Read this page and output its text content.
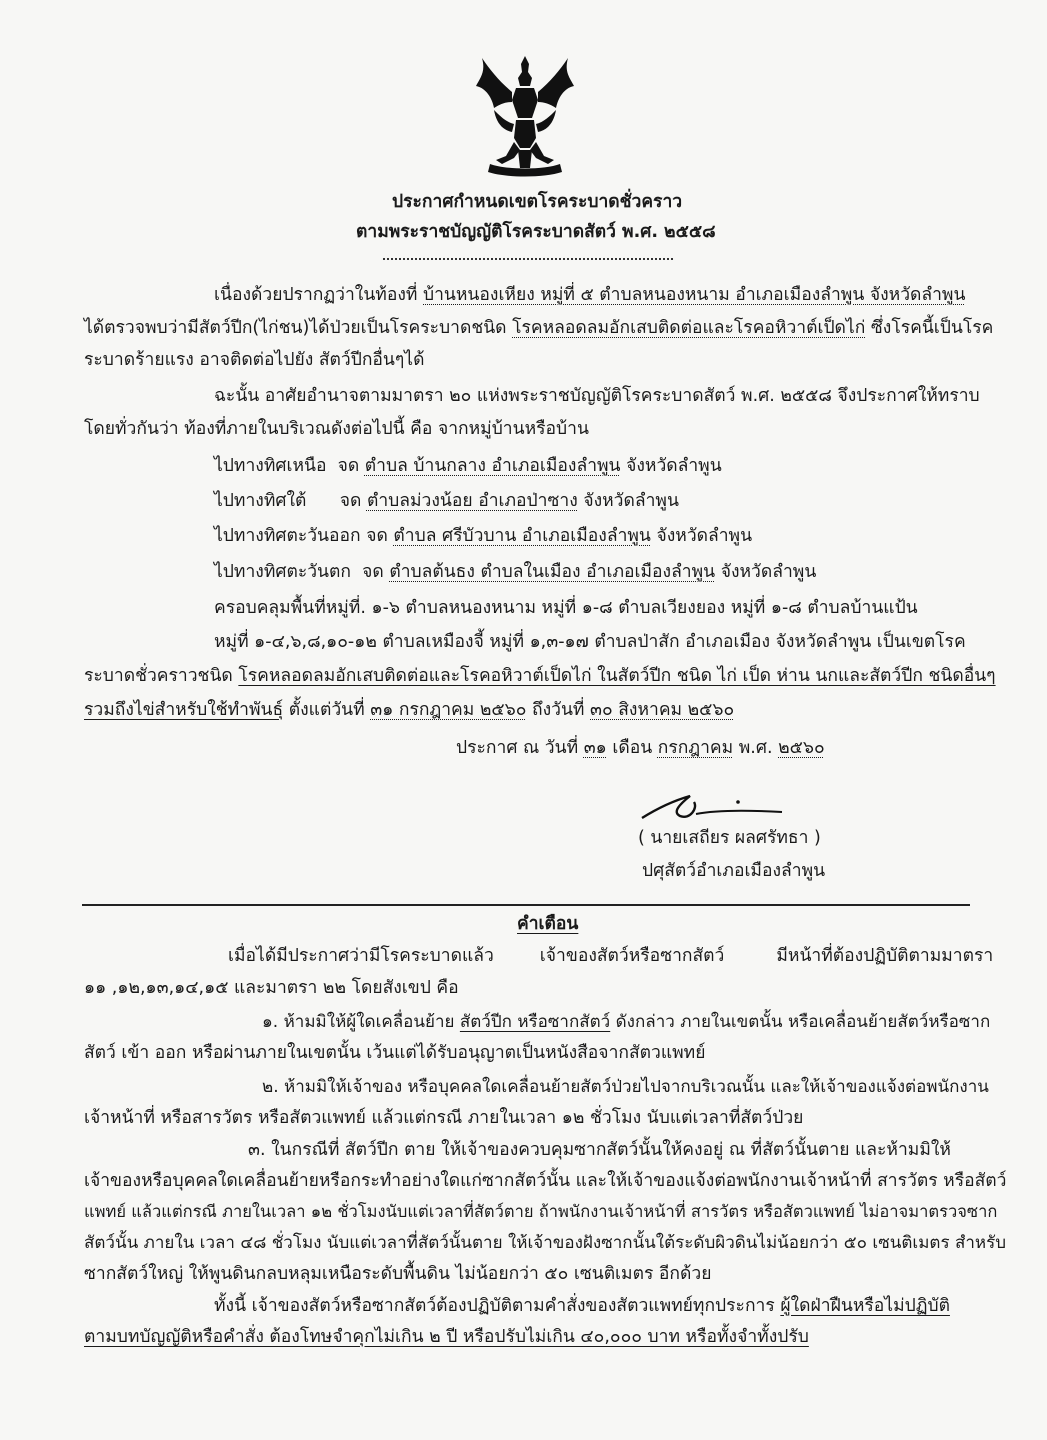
ประกาศกำหนดเขตโรคระบาดชั่วคราว
ตามพระราชบัญญัติโรคระบาดสัตว์ พ.ศ. ๒๕๕๘
เนื่องด้วยปรากฏว่าในท้องที่ บ้านหนองเหียง หมู่ที่ ๕ ตำบลหนองหนาม อำเภอเมืองลำพูน จังหวัดลำพูน
ได้ตรวจพบว่ามีสัตว์ปีก(ไก่ชน)ได้ป่วยเป็นโรคระบาดชนิด โรคหลอดลมอักเสบติดต่อและโรคอหิวาต์เป็ดไก่ ซึ่งโรคนี้เป็นโรค
ระบาดร้ายแรง อาจติดต่อไปยัง สัตว์ปีกอื่นๆได้
ฉะนั้น อาศัยอำนาจตามมาตรา ๒๐ แห่งพระราชบัญญัติโรคระบาดสัตว์ พ.ศ. ๒๕๕๘ จึงประกาศให้ทราบ
โดยทั่วกันว่า ท้องที่ภายในบริเวณดังต่อไปนี้ คือ จากหมู่บ้านหรือบ้าน
ไปทางทิศเหนือ จด ตำบล บ้านกลาง อำเภอเมืองลำพูน จังหวัดลำพูน
ไปทางทิศใต้ จด ตำบลม่วงน้อย อำเภอป่าซาง จังหวัดลำพูน
ไปทางทิศตะวันออก จด ตำบล ศรีบัวบาน อำเภอเมืองลำพูน จังหวัดลำพูน
ไปทางทิศตะวันตก จด ตำบลต้นธง ตำบลในเมือง อำเภอเมืองลำพูน จังหวัดลำพูน
ครอบคลุมพื้นที่หมู่ที่. ๑-๖ ตำบลหนองหนาม หมู่ที่ ๑-๘ ตำบลเวียงยอง หมู่ที่ ๑-๘ ตำบลบ้านแป้น
หมู่ที่ ๑-๔,๖,๘,๑๐-๑๒ ตำบลเหมืองจี้ หมู่ที่ ๑,๓-๑๗ ตำบลป่าสัก อำเภอเมือง จังหวัดลำพูน เป็นเขตโรค
ระบาดชั่วคราวชนิด โรคหลอดลมอักเสบติดต่อและโรคอหิวาต์เป็ดไก่ ในสัตว์ปีก ชนิด ไก่ เป็ด ห่าน นกและสัตว์ปีก ชนิดอื่นๆ
รวมถึงไข่สำหรับใช้ทำพันธุ์ ตั้งแต่วันที่ ๓๑ กรกฎาคม ๒๕๖๐ ถึงวันที่ ๓๐ สิงหาคม ๒๕๖๐
ประกาศ ณ วันที่ ๓๑ เดือน กรกฎาคม พ.ศ. ๒๕๖๐
( นายเสถียร ผลศรัทธา )
ปศุสัตว์อำเภอเมืองลำพูน
คำเตือน
เมื่อได้มีประกาศว่ามีโรคระบาดแล้ว	เจ้าของสัตว์หรือซากสัตว์	มีหน้าที่ต้องปฏิบัติตามมาตรา
๑๑ ,๑๒,๑๓,๑๔,๑๕ และมาตรา ๒๒ โดยสังเขป คือ
๑. ห้ามมิให้ผู้ใดเคลื่อนย้าย สัตว์ปีก หรือซากสัตว์ ดังกล่าว ภายในเขตนั้น หรือเคลื่อนย้ายสัตว์หรือซาก
สัตว์ เข้า ออก หรือผ่านภายในเขตนั้น เว้นแต่ได้รับอนุญาตเป็นหนังสือจากสัตวแพทย์
๒. ห้ามมิให้เจ้าของ หรือบุคคลใดเคลื่อนย้ายสัตว์ป่วยไปจากบริเวณนั้น และให้เจ้าของแจ้งต่อพนักงาน
เจ้าหน้าที่ หรือสารวัตร หรือสัตวแพทย์ แล้วแต่กรณี ภายในเวลา ๑๒ ชั่วโมง นับแต่เวลาที่สัตว์ป่วย
๓. ในกรณีที่ สัตว์ปีก ตาย ให้เจ้าของควบคุมซากสัตว์นั้นให้คงอยู่ ณ ที่สัตว์นั้นตาย และห้ามมิให้
เจ้าของหรือบุคคลใดเคลื่อนย้ายหรือกระทำอย่างใดแก่ซากสัตว์นั้น และให้เจ้าของแจ้งต่อพนักงานเจ้าหน้าที่ สารวัตร หรือสัตว์
แพทย์ แล้วแต่กรณี ภายในเวลา ๑๒ ชั่วโมงนับแต่เวลาที่สัตว์ตาย ถ้าพนักงานเจ้าหน้าที่ สารวัตร หรือสัตวแพทย์ ไม่อาจมาตรวจซาก
สัตว์นั้น ภายใน เวลา ๔๘ ชั่วโมง นับแต่เวลาที่สัตว์นั้นตาย ให้เจ้าของฝังซากนั้นใต้ระดับผิวดินไม่น้อยกว่า ๕๐ เซนติเมตร สำหรับ
ซากสัตว์ใหญ่ ให้พูนดินกลบหลุมเหนือระดับพื้นดิน ไม่น้อยกว่า ๕๐ เซนติเมตร อีกด้วย
ทั้งนี้ เจ้าของสัตว์หรือซากสัตว์ต้องปฏิบัติตามคำสั่งของสัตวแพทย์ทุกประการ ผู้ใดฝ่าฝืนหรือไม่ปฏิบัติ
ตามบทบัญญัติหรือคำสั่ง ต้องโทษจำคุกไม่เกิน ๒ ปี หรือปรับไม่เกิน ๔๐,๐๐๐ บาท หรือทั้งจำทั้งปรับ
